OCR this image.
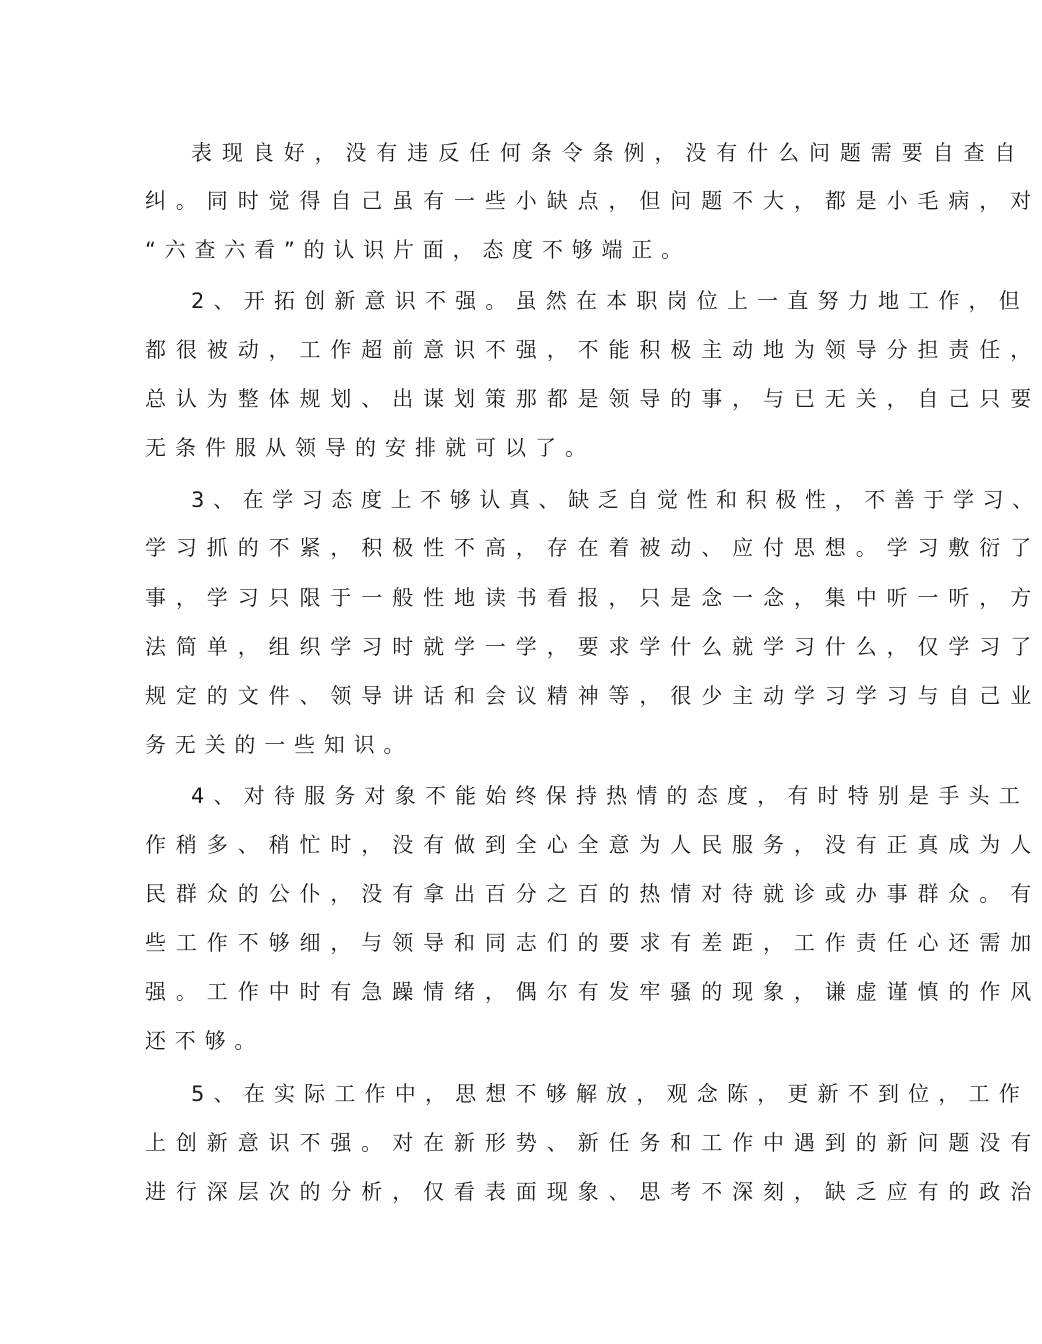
表现良好，没有违反任何条令条例，没有什么问题需要自查自
纠。同时觉得自己虽有一些小缺点，但问题不大，都是小毛病，对
“六查六看”的认识片面，态度不够端正。
2、开拓创新意识不强。虽然在本职岗位上一直努力地工作，但
都很被动，工作超前意识不强，不能积极主动地为领导分担责任，
总认为整体规划、出谋划策那都是领导的事，与已无关，自己只要
无条件服从领导的安排就可以了。
3、在学习态度上不够认真、缺乏自觉性和积极性，不善于学习、
学习抓的不紧，积极性不高，存在着被动、应付思想。学习敷衍了
事，学习只限于一般性地读书看报，只是念一念，集中听一听，方
法简单，组织学习时就学一学，要求学什么就学习什么，仅学习了
规定的文件、领导讲话和会议精神等，很少主动学习学习与自己业
务无关的一些知识。
4、对待服务对象不能始终保持热情的态度，有时特别是手头工
作稍多、稍忙时，没有做到全心全意为人民服务，没有正真成为人
民群众的公仆，没有拿出百分之百的热情对待就诊或办事群众。有
些工作不够细，与领导和同志们的要求有差距，工作责任心还需加
强。工作中时有急躁情绪，偶尔有发牢骚的现象，谦虚谨慎的作风
还不够。
5、在实际工作中，思想不够解放，观念陈，更新不到位，工作
上创新意识不强。对在新形势、新任务和工作中遇到的新问题没有
进行深层次的分析，仅看表面现象、思考不深刻，缺乏应有的政治
